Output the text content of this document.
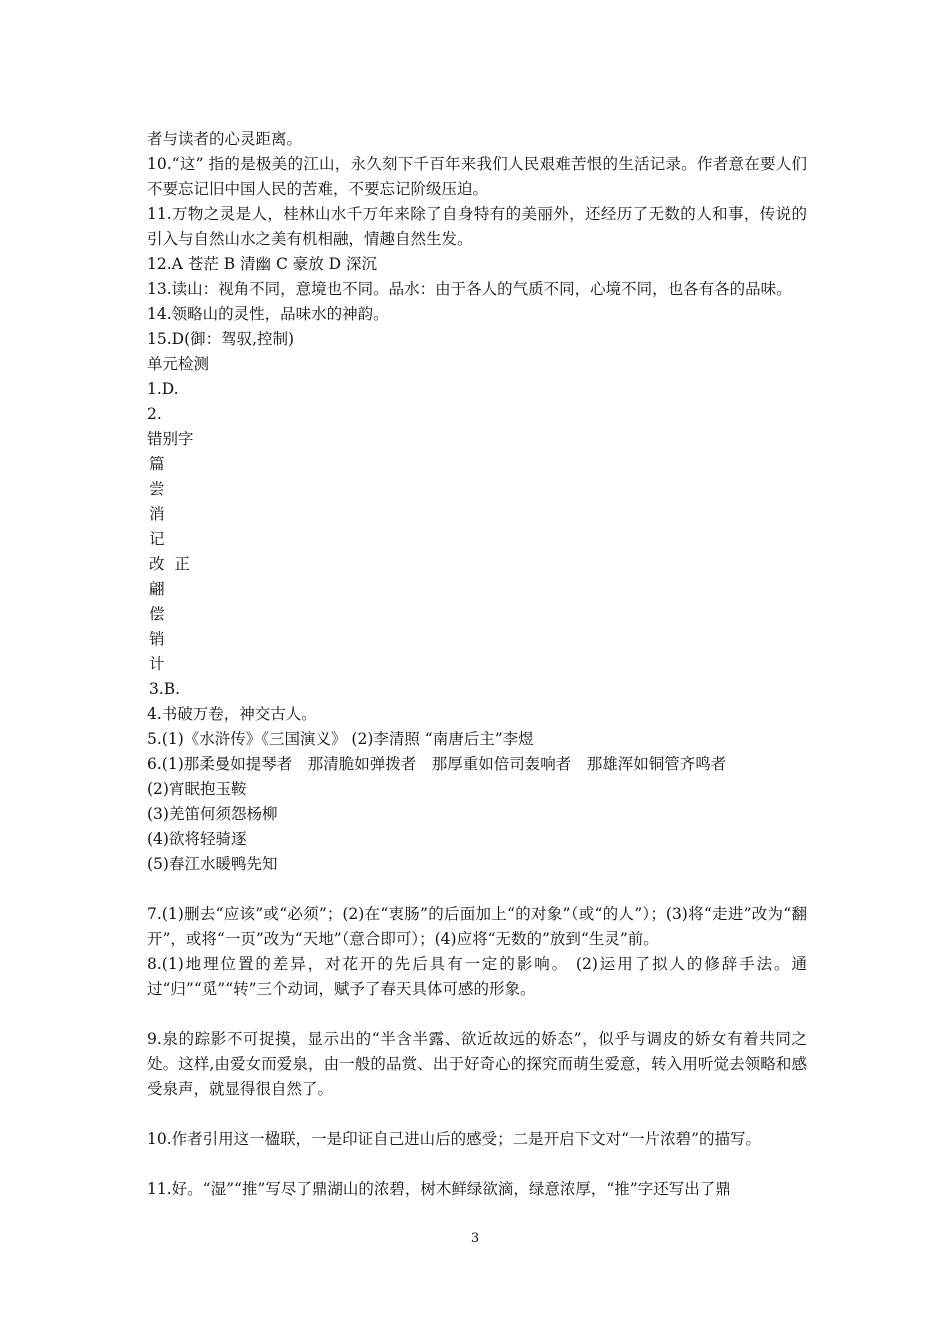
者与读者的心灵距离。

10.“这” 指的是极美的江山，永久刻下千百年来我们人民艰难苦恨的生活记录。作者意在要人们不要忘记旧中国人民的苦难，不要忘记阶级压迫。

11.万物之灵是人，桂林山水千万年来除了自身特有的美丽外，还经历了无数的人和事，传说的引入与自然山水之美有机相融，情趣自然生发。

12.A 苍茫 B 清幽 C 豪放 D 深沉

13.读山：视角不同，意境也不同。品水：由于各人的气质不同，心境不同，也各有各的品味。

14.领略山的灵性，品味水的神韵。

15.D(御：驾驭,控制)

单元检测

1.D.

2.

错别字

篇

尝

消

记

改 正

翩

偿

销

计

3.B.

4.书破万卷，神交古人。

5.(1)《水浒传》《三国演义》 (2)李清照 “南唐后主”李煜

6.(1)那柔曼如提琴者　那清脆如弹拨者　那厚重如倍司轰响者　那雄浑如铜管齐鸣者

(2)宵眠抱玉鞍

(3)羌笛何须怨杨柳

(4)欲将轻骑逐

(5)春江水暖鸭先知

7.(1)删去“应该”或“必须”；(2)在“衷肠”的后面加上“的对象”（或“的人”）；(3)将“走进”改为“翻开”，或将“一页”改为“天地”（意合即可）；(4)应将“无数的”放到“生灵”前。

8.(1)地理位置的差异，对花开的先后具有一定的影响。 (2)运用了拟人的修辞手法。通过“归”“觅”“转”三个动词，赋予了春天具体可感的形象。

9.泉的踪影不可捉摸，显示出的“半含半露、欲近故远的娇态”，似乎与调皮的娇女有着共同之处。这样,由爱女而爱泉，由一般的品赏、出于好奇心的探究而萌生爱意，转入用听觉去领略和感受泉声，就显得很自然了。

10.作者引用这一楹联，一是印证自己进山后的感受；二是开启下文对“一片浓碧”的描写。

11.好。“湿”“推”写尽了鼎湖山的浓碧，树木鲜绿欲滴，绿意浓厚，“推”字还写出了鼎

3
